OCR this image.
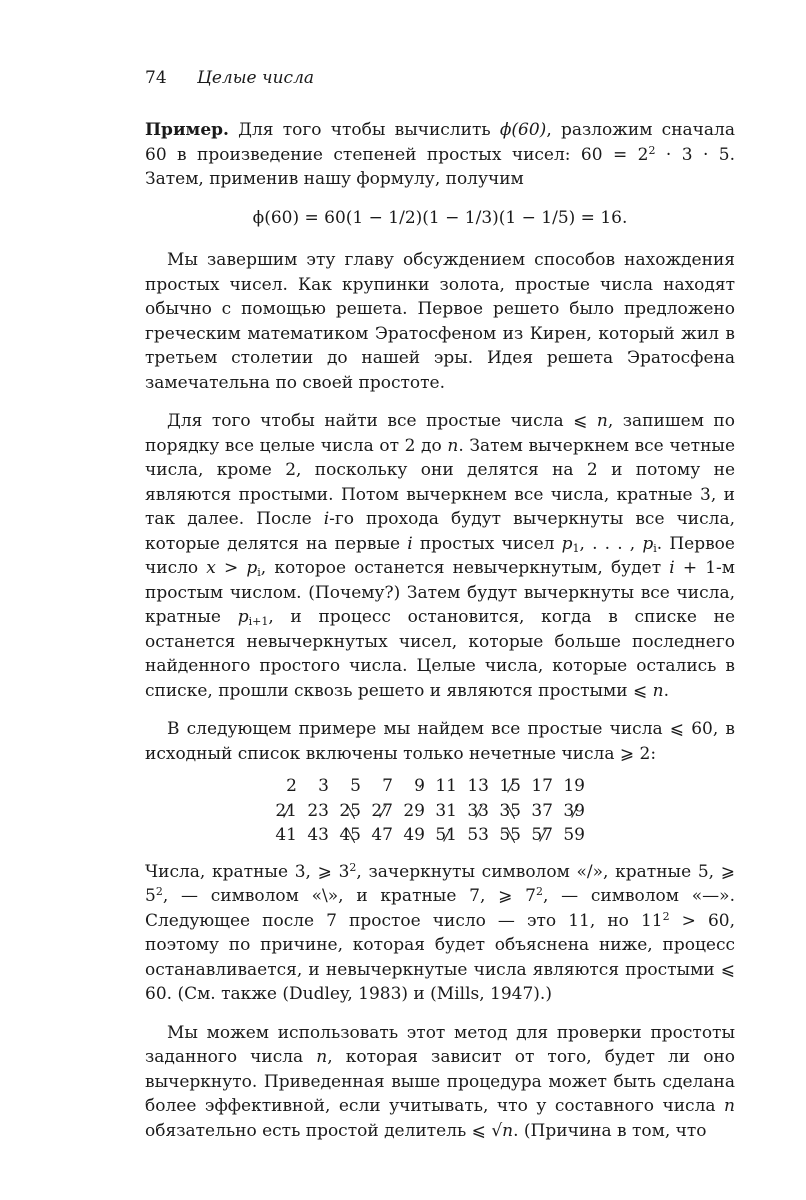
74 Целые числа

Пример. Для того чтобы вычислить ϕ(60), разложим сначала 60 в произведение степеней простых чисел: $60 = 2^2 \cdot 3 \cdot 5$. Затем, применив нашу формулу, получим

ϕ(60) = 60(1 − 1/2)(1 − 1/3)(1 − 1/5) = 16.

Мы завершим эту главу обсуждением способов нахождения простых чисел. Как крупинки золота, простые числа находят обычно с помощью решета. Первое решето было предложено греческим математиком Эратосфеном из Кирен, который жил в третьем столетии до нашей эры. Идея решета Эратосфена замечательна по своей простоте.

Для того чтобы найти все простые числа ⩽ n, запишем по порядку все целые числа от 2 до n. Затем вычеркнем все четные числа, кроме 2, поскольку они делятся на 2 и потому не являются простыми. Потом вычеркнем все числа, кратные 3, и так далее. После i-го прохода будут вычеркнуты все числа, которые делятся на первые i простых чисел $p_1$, . . . , $p_i$. Первое число $x > p_i$, которое останется невычеркнутым, будет i + 1-м простым числом. (Почему?) Затем будут вычеркнуты все числа, кратные $p_{i+1}$, и процесс остановится, когда в списке не останется невычеркнутых чисел, которые больше последнего найденного простого числа. Целые числа, которые остались в списке, прошли сквозь решето и являются простыми ⩽ n.

В следующем примере мы найдем все простые числа ⩽ 60, в исходный список включены только нечетные числа ⩾ 2:

2	3	5	7	9	11	13	15	17	19
21	23	25	27	29	31	33	35	37	39
41	43	45	47	49	51	53	55	57	59

Числа, кратные 3, ⩾ $3^2$, зачеркнуты символом «/», кратные 5, ⩾ $5^2$, — символом «\», и кратные 7, ⩾ $7^2$, — символом «—». Следующее после 7 простое число — это 11, но $11^2 > 60$, поэтому по причине, которая будет объяснена ниже, процесс останавливается, и невычеркнутые числа являются простыми ⩽ 60. (См. также (Dudley, 1983) и (Mills, 1947).)

Мы можем использовать этот метод для проверки простоты заданного числа n, которая зависит от того, будет ли оно вычеркнуто. Приведенная выше процедура может быть сделана более эффективной, если учитывать, что у составного числа n обязательно есть простой делитель ⩽ √n. (Причина в том, что
